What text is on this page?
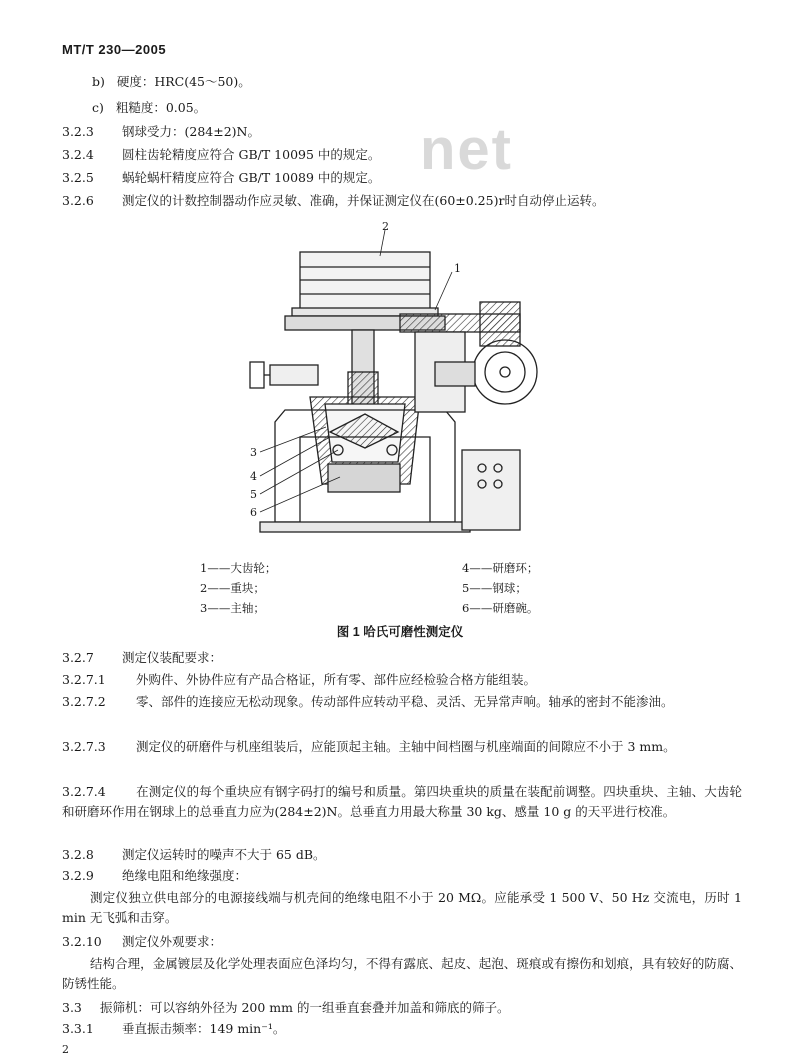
net
MT/T 230—2005
b) 硬度：HRC(45～50)。
c) 粗糙度：0.05。
3.2.3 钢球受力：(284±2)N。
3.2.4 圆柱齿轮精度应符合 GB/T 10095 中的规定。
3.2.5 蜗轮蜗杆精度应符合 GB/T 10089 中的规定。
3.2.6 测定仪的计数控制器动作应灵敏、准确，并保证测定仪在(60±0.25)r时自动停止运转。
1
2
3
4
5
6
1——大齿轮；
2——重块；
3——主轴；
4——研磨环；
5——钢球；
6——研磨碗。
图 1 哈氏可磨性测定仪
3.2.7 测定仪装配要求：
3.2.7.1 外购件、外协件应有产品合格证，所有零、部件应经检验合格方能组装。
3.2.7.2 零、部件的连接应无松动现象。传动部件应转动平稳、灵活、无异常声响。轴承的密封不能渗油。
3.2.7.3 测定仪的研磨件与机座组装后，应能顶起主轴。主轴中间档圈与机座端面的间隙应不小于 3 mm。
3.2.7.4 在测定仪的每个重块应有钢字码打的编号和质量。第四块重块的质量在装配前调整。四块重块、主轴、大齿轮和研磨环作用在钢球上的总垂直力应为(284±2)N。总垂直力用最大称量 30 kg、感量 10 g 的天平进行校准。
3.2.8 测定仪运转时的噪声不大于 65 dB。
3.2.9 绝缘电阻和绝缘强度：
测定仪独立供电部分的电源接线端与机壳间的绝缘电阻不小于 20 MΩ。应能承受 1 500 V、50 Hz 交流电，历时 1 min 无飞弧和击穿。
3.2.10 测定仪外观要求：
结构合理，金属镀层及化学处理表面应色泽均匀，不得有露底、起皮、起泡、斑痕或有擦伤和划痕，具有较好的防腐、防锈性能。
3.3 振筛机：可以容纳外径为 200 mm 的一组垂直套叠并加盖和筛底的筛子。
3.3.1 垂直振击频率：149 min⁻¹。
2
